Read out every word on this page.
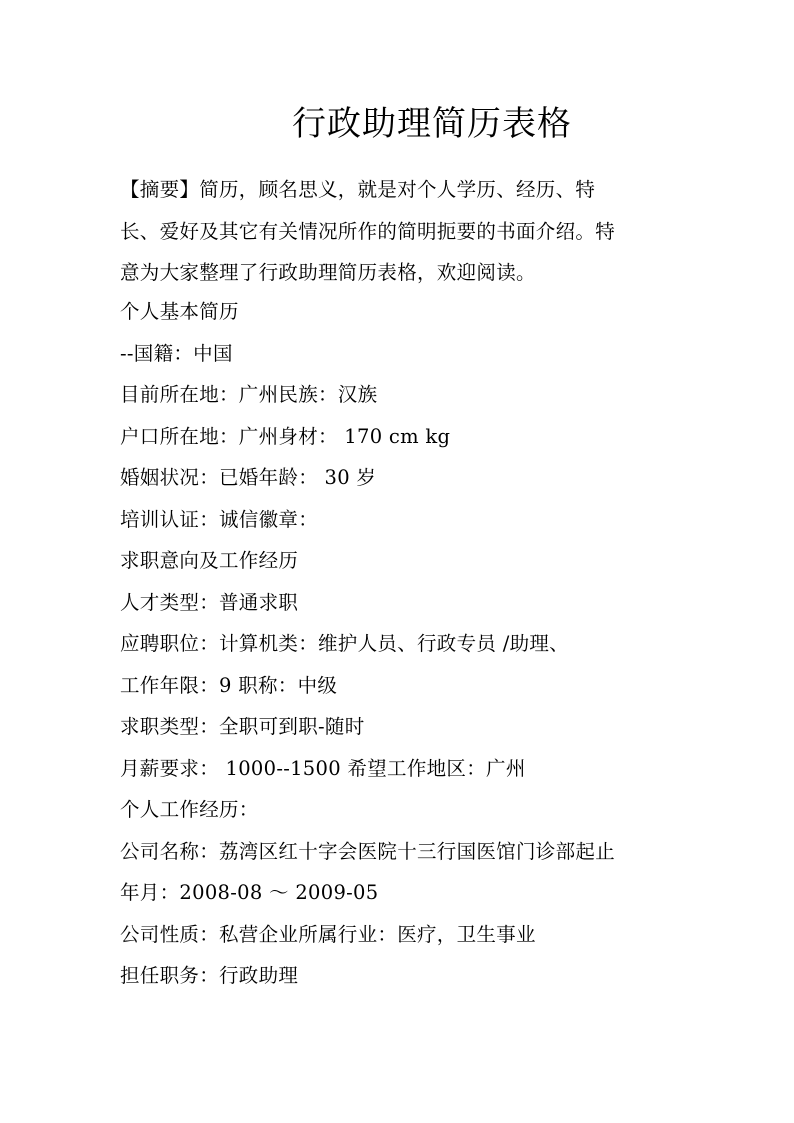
行政助理简历表格

【摘要】简历，顾名思义，就是对个人学历、经历、特

长、爱好及其它有关情况所作的简明扼要的书面介绍。特

意为大家整理了行政助理简历表格，欢迎阅读。

个人基本简历

--国籍：中国

目前所在地：广州民族：汉族

户口所在地：广州身材： 170 cm kg

婚姻状况：已婚年龄： 30 岁

培训认证：诚信徽章：

求职意向及工作经历

人才类型：普通求职

应聘职位：计算机类：维护人员、行政专员 /助理、

工作年限：9 职称：中级

求职类型：全职可到职-随时

月薪要求： 1000--1500 希望工作地区：广州

个人工作经历：

公司名称：荔湾区红十字会医院十三行国医馆门诊部起止

年月：2008-08 ～ 2009-05

公司性质：私营企业所属行业：医疗，卫生事业

担任职务：行政助理
